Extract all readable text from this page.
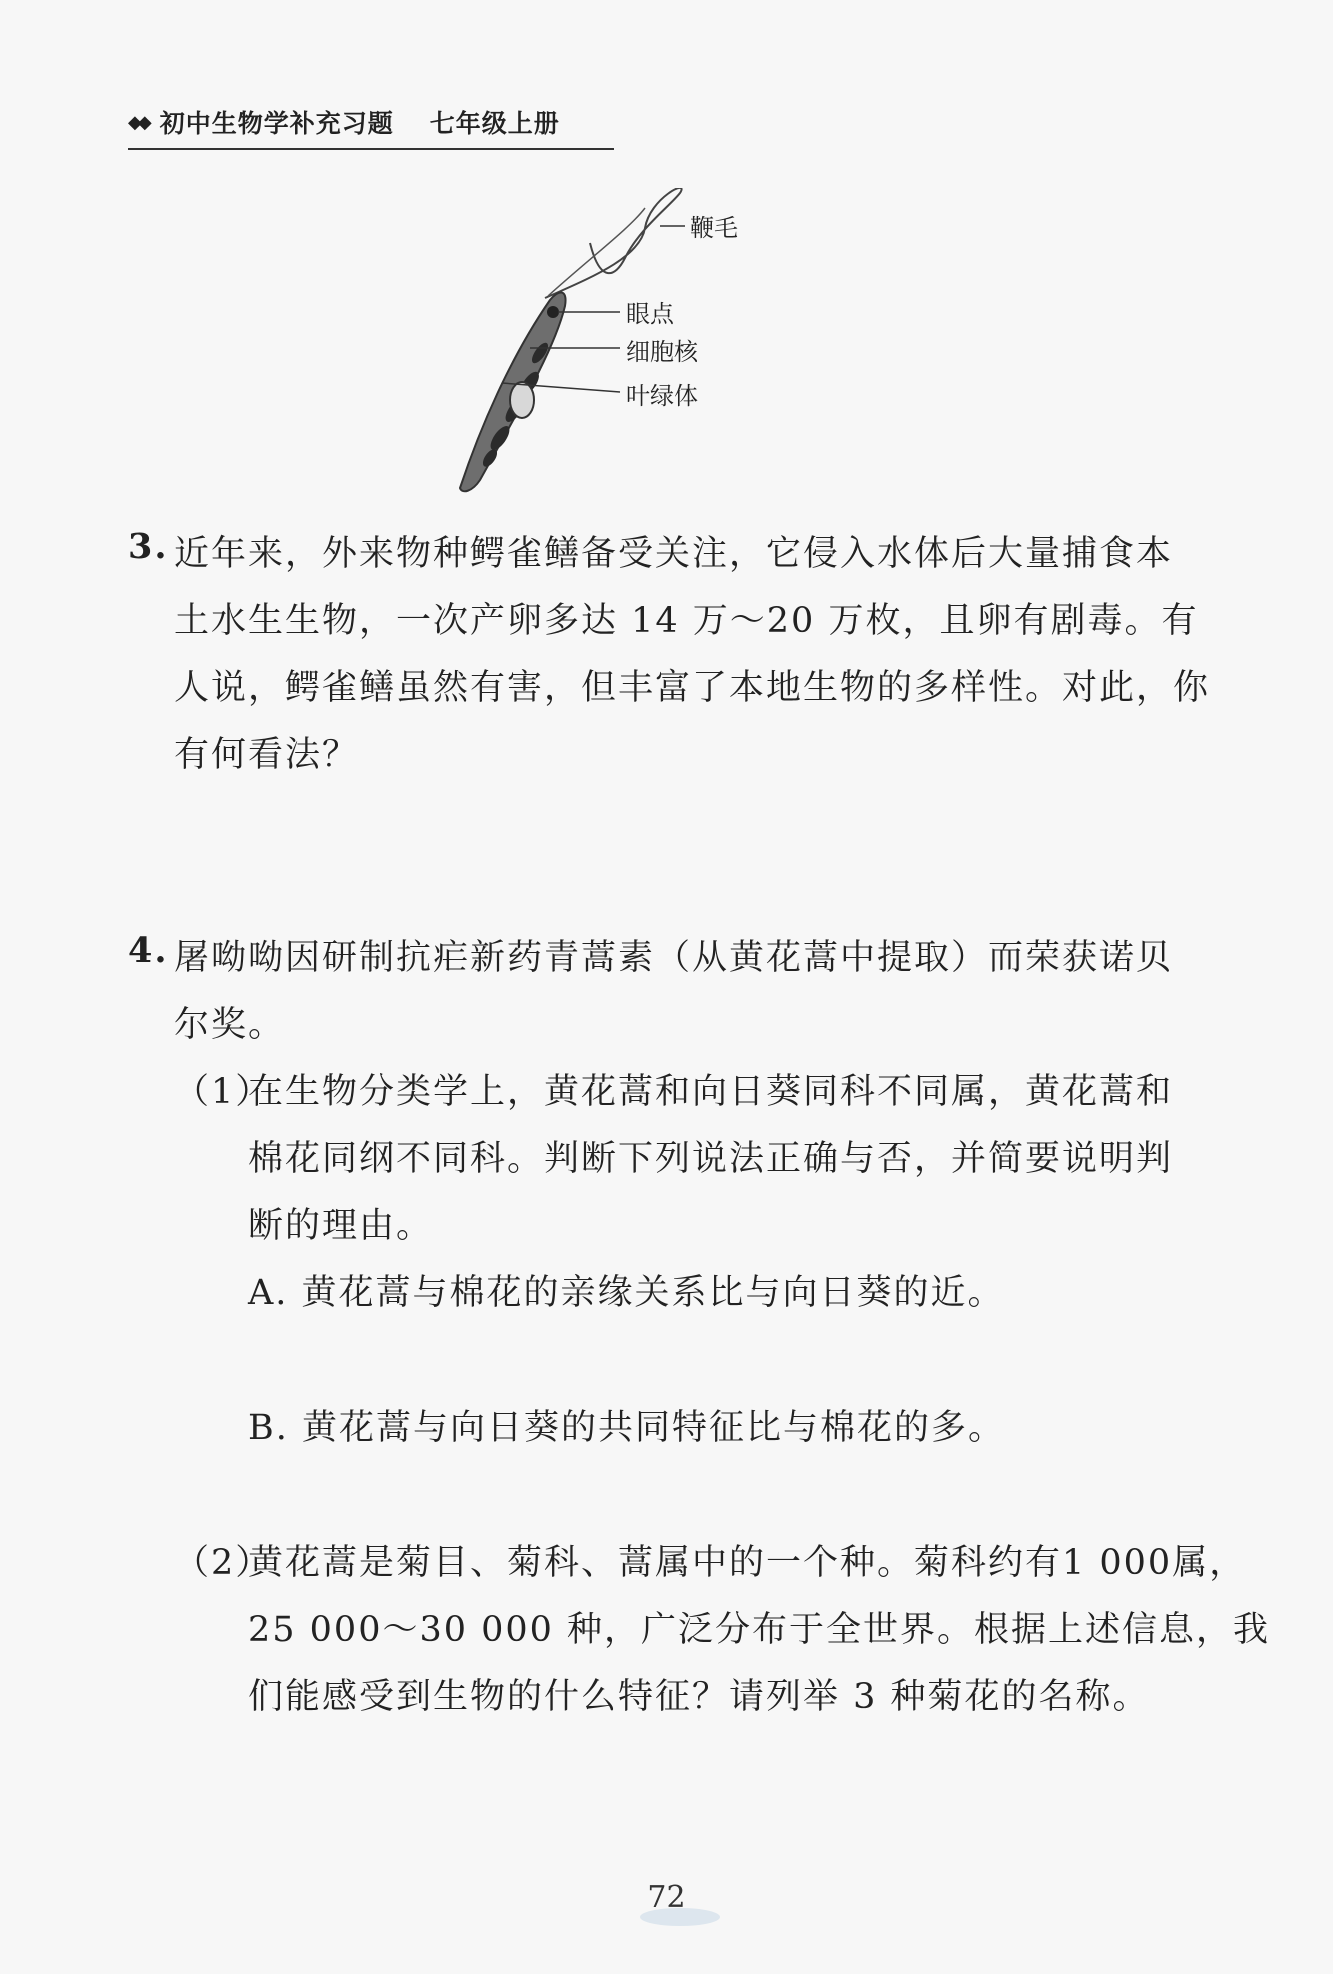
◆◆ 初中生物学补充习题 七年级上册
鞭毛
眼点
细胞核
叶绿体
3. 近年来，外来物种鳄雀鳝备受关注，它侵入水体后大量捕食本
土水生生物，一次产卵多达 14 万～20 万枚，且卵有剧毒。有
人说，鳄雀鳝虽然有害，但丰富了本地生物的多样性。对此，你
有何看法？
4. 屠呦呦因研制抗疟新药青蒿素（从黄花蒿中提取）而荣获诺贝
尔奖。
（1）
在生物分类学上，黄花蒿和向日葵同科不同属，黄花蒿和
棉花同纲不同科。判断下列说法正确与否，并简要说明判
断的理由。
A. 黄花蒿与棉花的亲缘关系比与向日葵的近。
B. 黄花蒿与向日葵的共同特征比与棉花的多。
（2）
黄花蒿是菊目、菊科、蒿属中的一个种。菊科约有1 000属，
25 000～30 000 种，广泛分布于全世界。根据上述信息，我
们能感受到生物的什么特征？请列举 3 种菊花的名称。
72
